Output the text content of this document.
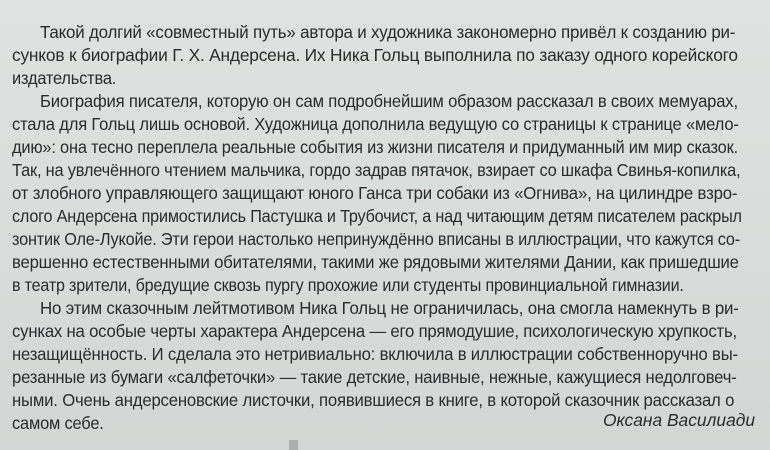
Такой долгий «совместный путь» автора и художника закономерно привёл к созданию ри-
сунков к биографии Г. Х. Андерсена. Их Ника Гольц выполнила по заказу одного корейского
издательства.
Биография писателя, которую он сам подробнейшим образом рассказал в своих мемуарах,
стала для Гольц лишь основой. Художница дополнила ведущую со страницы к странице «мело-
дию»: она тесно переплела реальные события из жизни писателя и придуманный им мир сказок.
Так, на увлечённого чтением мальчика, гордо задрав пятачок, взирает со шкафа Свинья-копилка,
от злобного управляющего защищают юного Ганса три собаки из «Огнива», на цилиндре взро-
слого Андерсена примостились Пастушка и Трубочист, а над читающим детям писателем раскрыл
зонтик Оле-Лукойе. Эти герои настолько непринуждённо вписаны в иллюстрации, что кажутся со-
вершенно естественными обитателями, такими же рядовыми жителями Дании, как пришедшие
в театр зрители, бредущие сквозь пургу прохожие или студенты провинциальной гимназии.
Но этим сказочным лейтмотивом Ника Гольц не ограничилась, она смогла намекнуть в ри-
сунках на особые черты характера Андерсена — его прямодушие, психологическую хрупкость,
незащищённость. И сделала это нетривиально: включила в иллюстрации собственноручно вы-
резанные из бумаги «салфеточки» — такие детские, наивные, нежные, кажущиеся недолговеч-
ными. Очень андерсеновские листочки, появившиеся в книге, в которой сказочник рассказал о
самом себе.	Оксана Василиади
